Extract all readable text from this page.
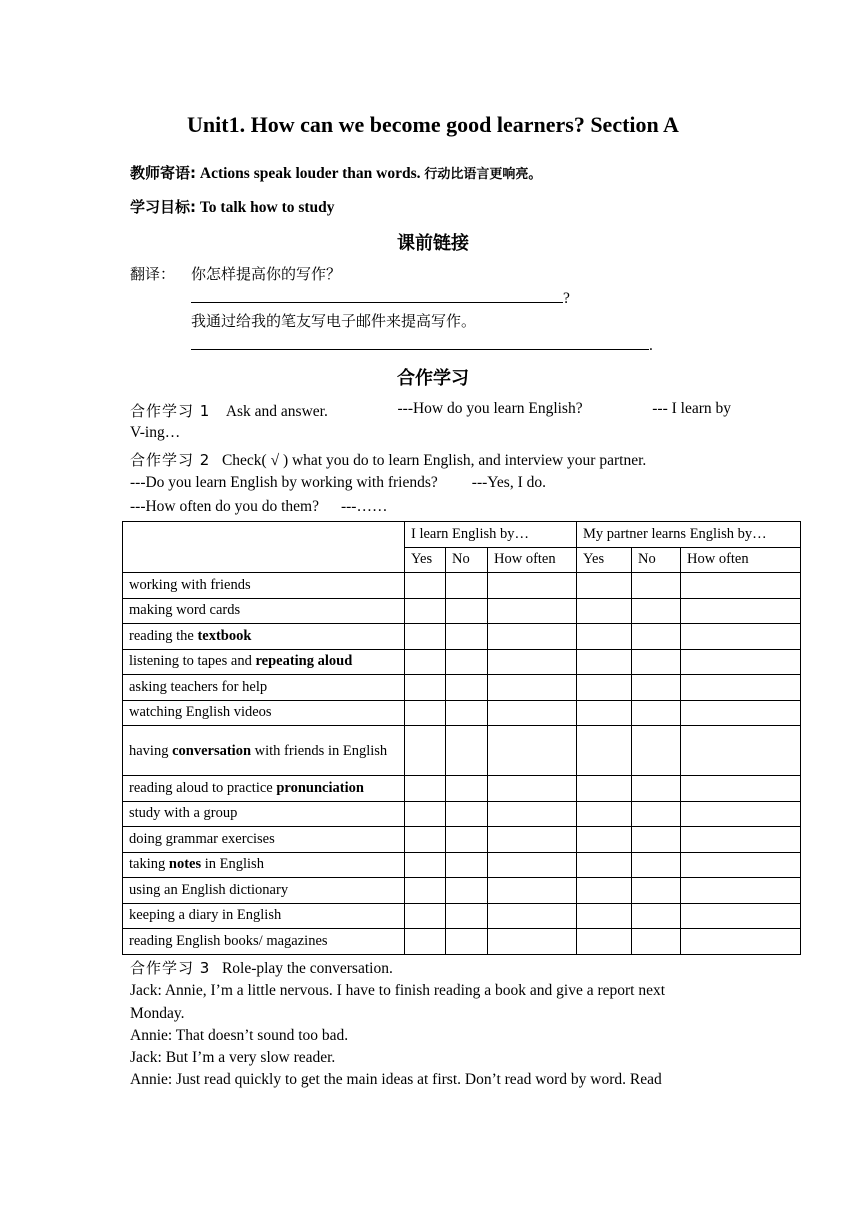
Unit1. How can we become good learners? Section A
教师寄语: Actions speak louder than words. 行动比语言更响亮。
学习目标: To talk how to study
课前链接
翻译： 你怎样提高你的写作？
?
我通过给我的笔友写电子邮件来提高写作。
.
合作学习
合作学习 1 Ask and answer.	---How do you learn English?	--- I learn by
V-ing…
合作学习 2 Check( √ ) what you do to learn English, and interview your partner.
---Do you learn English by working with friends? ---Yes, I do.
---How often do you do them? ---……
	I learn English by…			My partner learns English by…		
	Yes	No	How often	Yes	No	How often
working with friends						
making word cards						
reading the textbook						
listening to tapes and repeating aloud						
asking teachers for help						
watching English videos						
having conversation with friends in English						
reading aloud to practice pronunciation						
study with a group						
doing grammar exercises						
taking notes in English						
using an English dictionary						
keeping a diary in English						
reading English books/ magazines						
合作学习 3 Role-play the conversation.
Jack: Annie, I’m a little nervous. I have to finish reading a book and give a report next
Monday.
Annie: That doesn’t sound too bad.
Jack: But I’m a very slow reader.
Annie: Just read quickly to get the main ideas at first. Don’t read word by word. Read
